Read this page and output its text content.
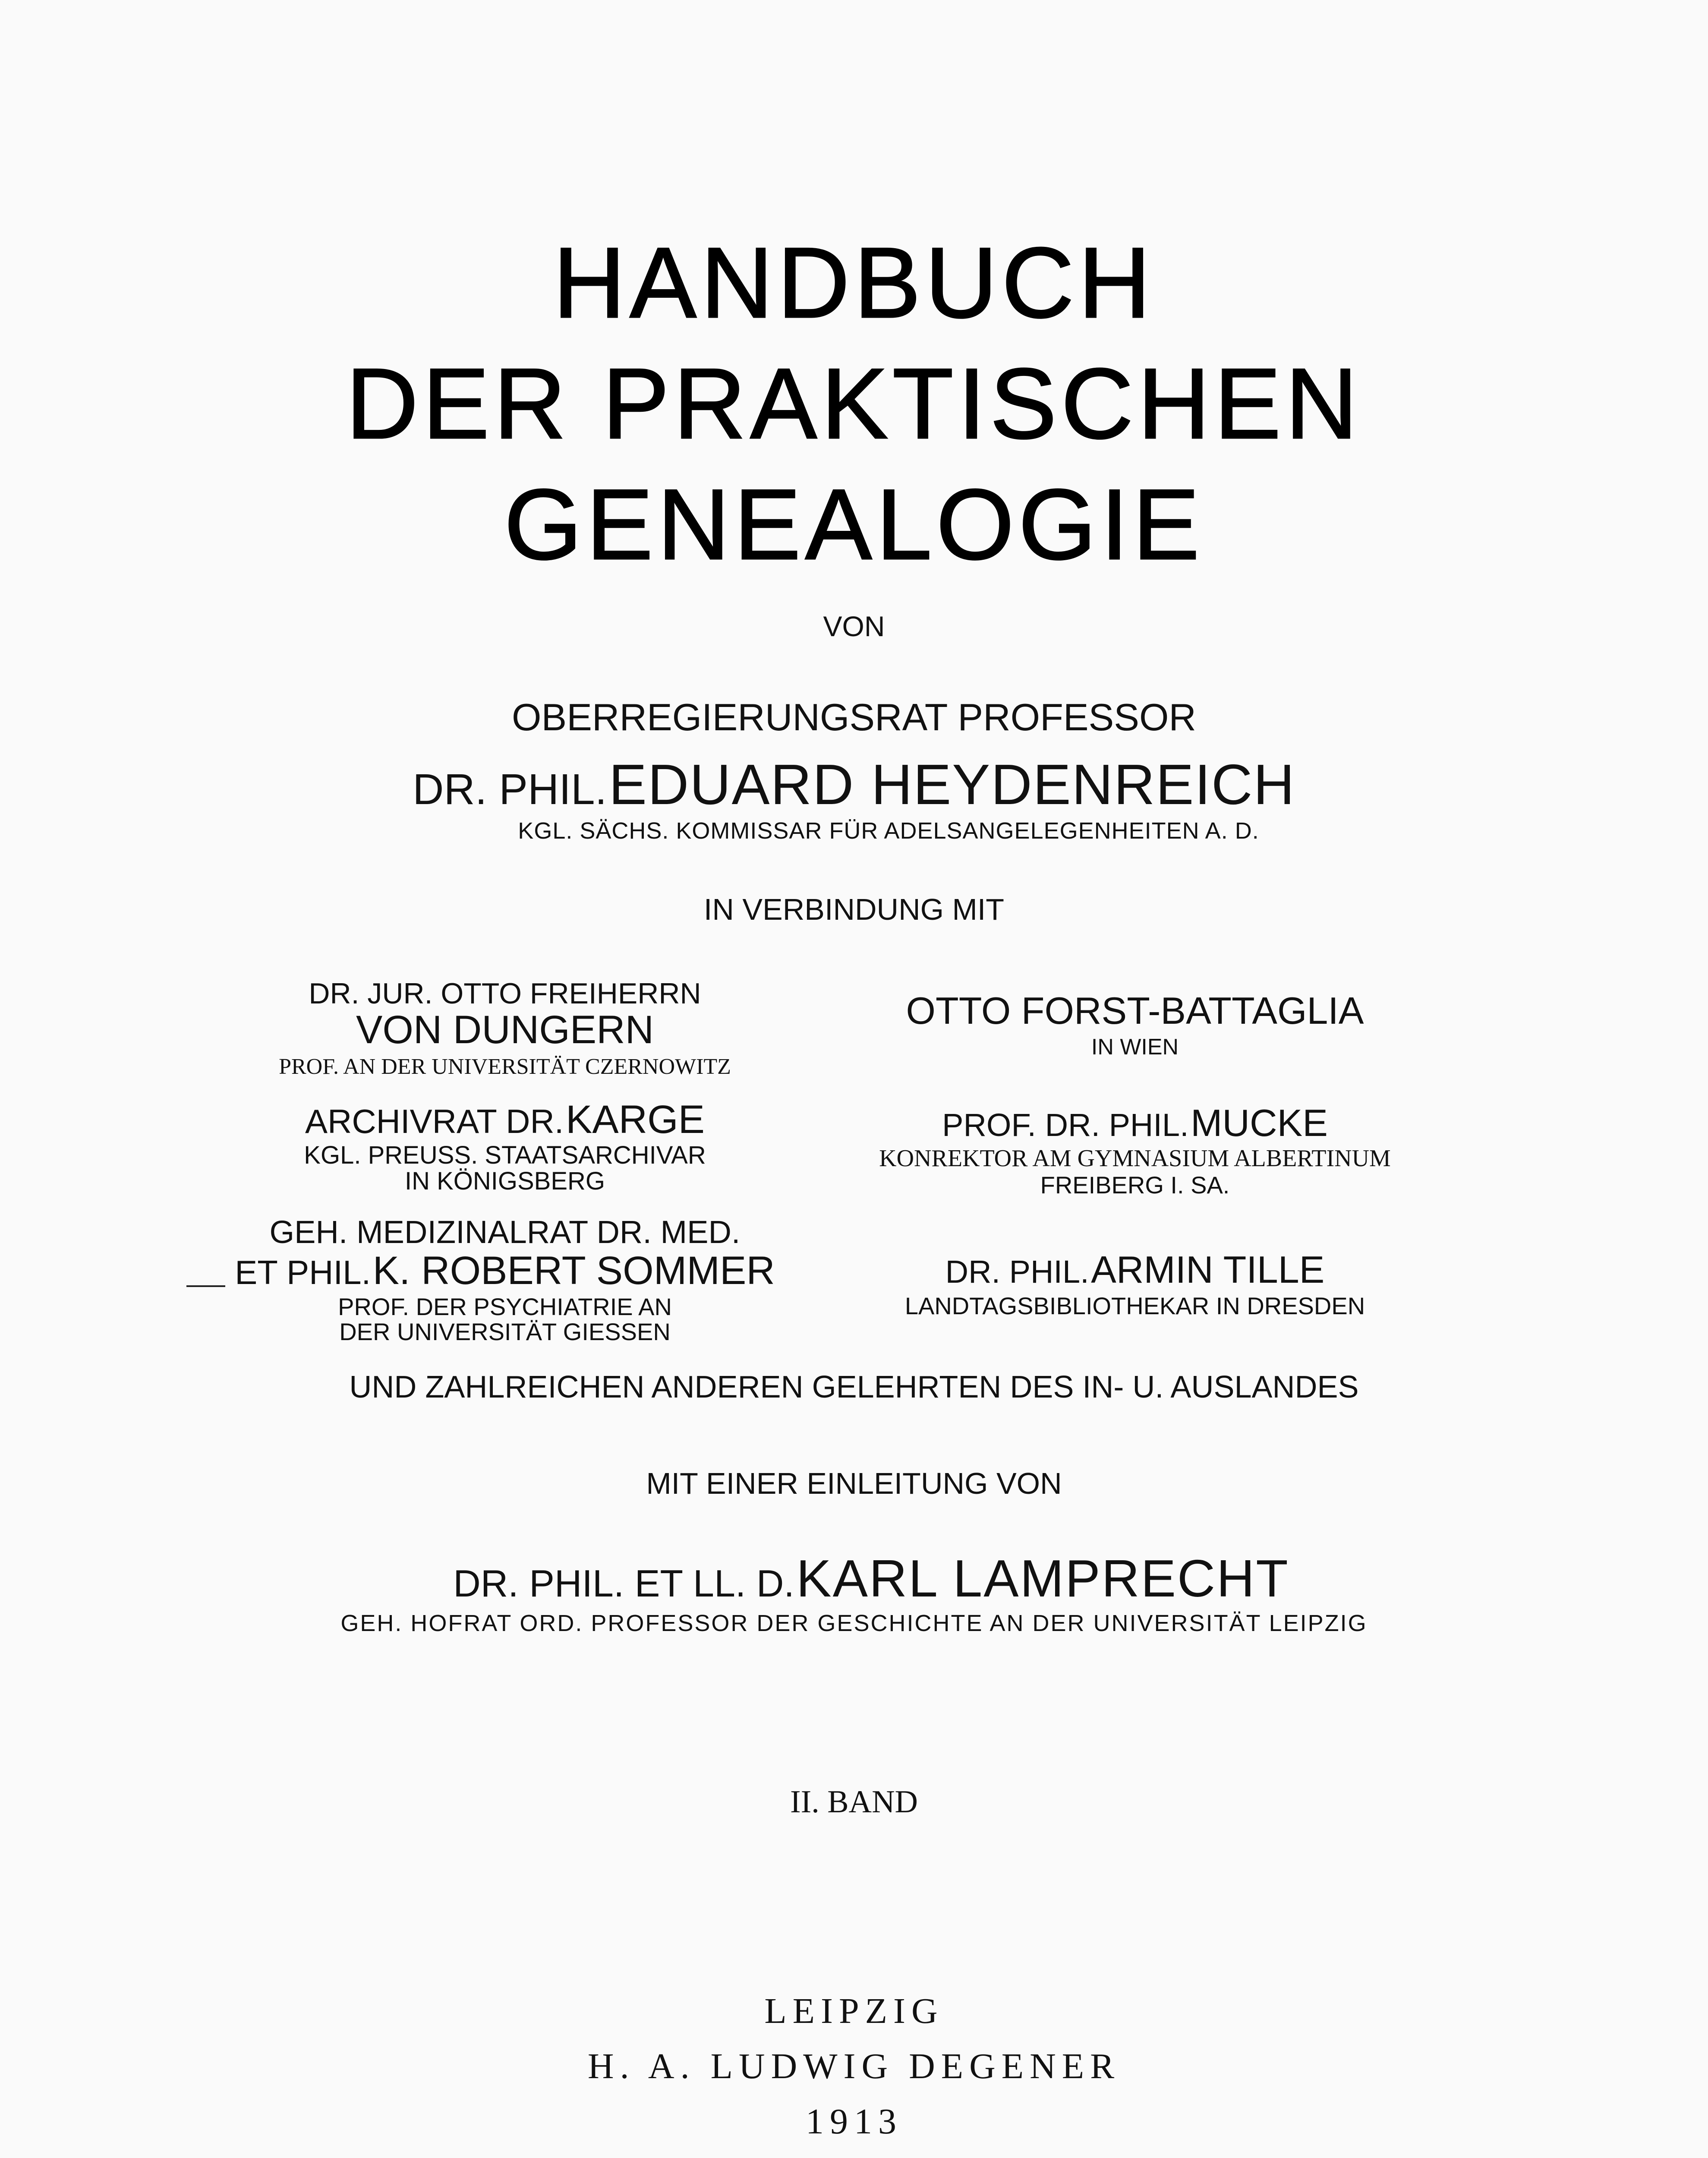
HANDBUCH
DER PRAKTISCHEN
GENEALOGIE
VON
OBERREGIERUNGSRAT PROFESSOR
DR. PHIL. EDUARD HEYDENREICH
KGL. SÄCHS. KOMMISSAR FÜR ADELSANGELEGENHEITEN A. D.
IN VERBINDUNG MIT
DR. JUR. OTTO FREIHERRN
VON DUNGERN
PROF. AN DER UNIVERSITÄT CZERNOWITZ
ARCHIVRAT DR. KARGE
KGL. PREUSS. STAATSARCHIVAR
IN KÖNIGSBERG
GEH. MEDIZINALRAT DR. MED.
ET PHIL. K. ROBERT SOMMER
PROF. DER PSYCHIATRIE AN
DER UNIVERSITÄT GIESSEN
OTTO FORST-BATTAGLIA
IN WIEN
PROF. DR. PHIL. MUCKE
KONREKTOR AM GYMNASIUM ALBERTINUM
FREIBERG I. SA.
DR. PHIL. ARMIN TILLE
LANDTAGSBIBLIOTHEKAR IN DRESDEN
UND ZAHLREICHEN ANDEREN GELEHRTEN DES IN- U. AUSLANDES
MIT EINER EINLEITUNG VON
DR. PHIL. ET LL. D. KARL LAMPRECHT
GEH. HOFRAT ORD. PROFESSOR DER GESCHICHTE AN DER UNIVERSITÄT LEIPZIG
II. BAND
LEIPZIG
H. A. LUDWIG DEGENER
1913
